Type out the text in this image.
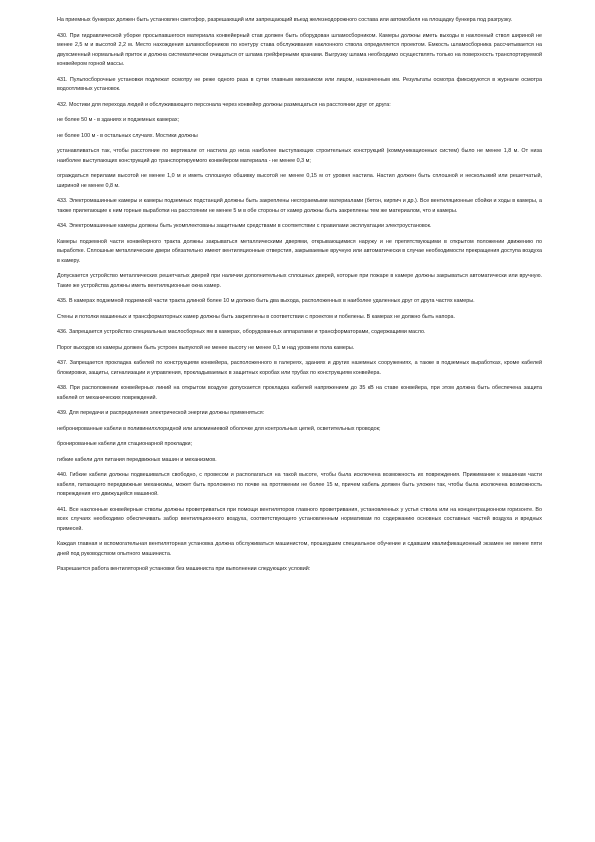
На приемных бункерах должен быть установлен светофор, разрешающий или запрещающий въезд железнодорожного состава или автомобиля на площадку бункера под разгрузку.

430. При гидравлической уборке просыпавшегося материала конвейерный став должен быть оборудован шламосборником. Камеры должны иметь выходы в наклонный ствол шириной не менее 2,5 м и высотой 2,2 м. Место нахождения шламосборников по контуру става обслуживания наклонного ствола определяется проектом. Емкость шламосборника рассчитывается на двухсменный нормальный приток и должна систематически очищаться от шлама грейферными кранами. Выгрузку шлама необходимо осуществлять только на поверхность транспортируемой конвейером горной массы.

431. Пульпосборочные установки подлежат осмотру не реже одного раза в сутки главным механиком или лицом, назначенным им. Результаты осмотра фиксируются в журнале осмотра водоотливных установок.

432. Мостики для перехода людей и обслуживающего персонала через конвейер должны размещаться на расстоянии друг от друга:

не более 50 м - в зданиях и подземных камерах;

не более 100 м - в остальных случаях. Мостики должны

устанавливаться так, чтобы расстояние по вертикали от настила до низа наиболее выступающих строительных конструкций (коммуникационных систем) было не менее 1,8 м. От низа наиболее выступающих конструкций до транспортируемого конвейером материала - не менее 0,3 м;

ограждаться перилами высотой не менее 1,0 м и иметь сплошную обшивку высотой не менее 0,15 м от уровня настила. Настил должен быть сплошной и нескользкий или решетчатый, шириной не менее 0,8 м.

433. Электромашинные камеры и камеры подземных подстанций должны быть закреплены несгораемыми материалами (бетон, кирпич и др.). Все вентиляционные сбойки и ходы в камеры, а также прилегающие к ним горные выработки на расстоянии не менее 5 м в обе стороны от камер должны быть закреплены тем же материалом, что и камеры.

434. Электромашинные камеры должны быть укомплектованы защитными средствами в соответствии с правилами эксплуатации электроустановок.

Камеры подземной части конвейерного тракта должны закрываться металлическими дверями, открывающимися наружу и не препятствующими в открытом положении движению по выработке. Сплошные металлические двери обязательно имеют вентиляционные отверстия, закрываемые вручную или автоматически в случае необходимости прекращения доступа воздуха в камеру.

Допускается устройство металлических решетчатых дверей при наличии дополнительных сплошных дверей, которые при пожаре в камере должны закрываться автоматически или вручную. Такие же устройства должны иметь вентиляционные окна камер.

435. В камерах подземной подземной части тракта длиной более 10 м должно быть два выхода, расположенных в наиболее удаленных друг от друга частях камеры.

Стены и потолки машинных и трансформаторных камер должны быть закреплены в соответствии с проектом и побелены. В камерах не должно быть напора.

436. Запрещается устройство специальных маслосборных ям в камерах, оборудованных аппаратами и трансформаторами, содержащими масло.

Порог выходов из камеры должен быть устроен выпуклой не менее высоту не менее 0,1 м над уровнем пола камеры.

437. Запрещается прокладка кабелей по конструкциям конвейера, расположенного в галереях, зданиях и других наземных сооружениях, а также в подземных выработках, кроме кабелей блокировки, защиты, сигнализации и управления, прокладываемых в защитных коробах или трубах по конструкциям конвейера.

438. При расположении конвейерных линий на открытом воздухе допускается прокладка кабелей напряжением до 35 кВ на ставе конвейера, при этом должна быть обеспечена защита кабелей от механических повреждений.

439. Для передачи и распределения электрической энергии должны применяться:

небронированные кабели в поливинилхлоридной или алюминиевой оболочке для контрольных цепей, осветительных проводок;

бронированные кабели для стационарной прокладки;

гибкие кабели для питания передвижных машин и механизмов.

440. Гибкие кабели должны подвешиваться свободно, с провесом и располагаться на такой высоте, чтобы была исключена возможность их повреждения. Прижимание к машинам части кабеля, питающего передвижные механизмы, может быть проложено по почве на протяжении не более 15 м, причем кабель должен быть уложен так, чтобы была исключена возможность повреждения его движущейся машиной.

441. Все наклонные конвейерные стволы должны проветриваться при помощи вентиляторов главного проветривания, установленных у устья ствола или на концентрационном горизонте. Во всех случаях необходимо обеспечивать забор вентиляционного воздуха, соответствующего установленным нормативам по содержанию основных составных частей воздуха и вредных примесей.

Каждая главная и вспомогательная вентиляторная установка должна обслуживаться машинистом, прошедшим специальное обучение и сдавшим квалификационный экзамен не менее пяти дней под руководством опытного машиниста.

Разрешается работа вентиляторной установки без машиниста при выполнении следующих условий:
